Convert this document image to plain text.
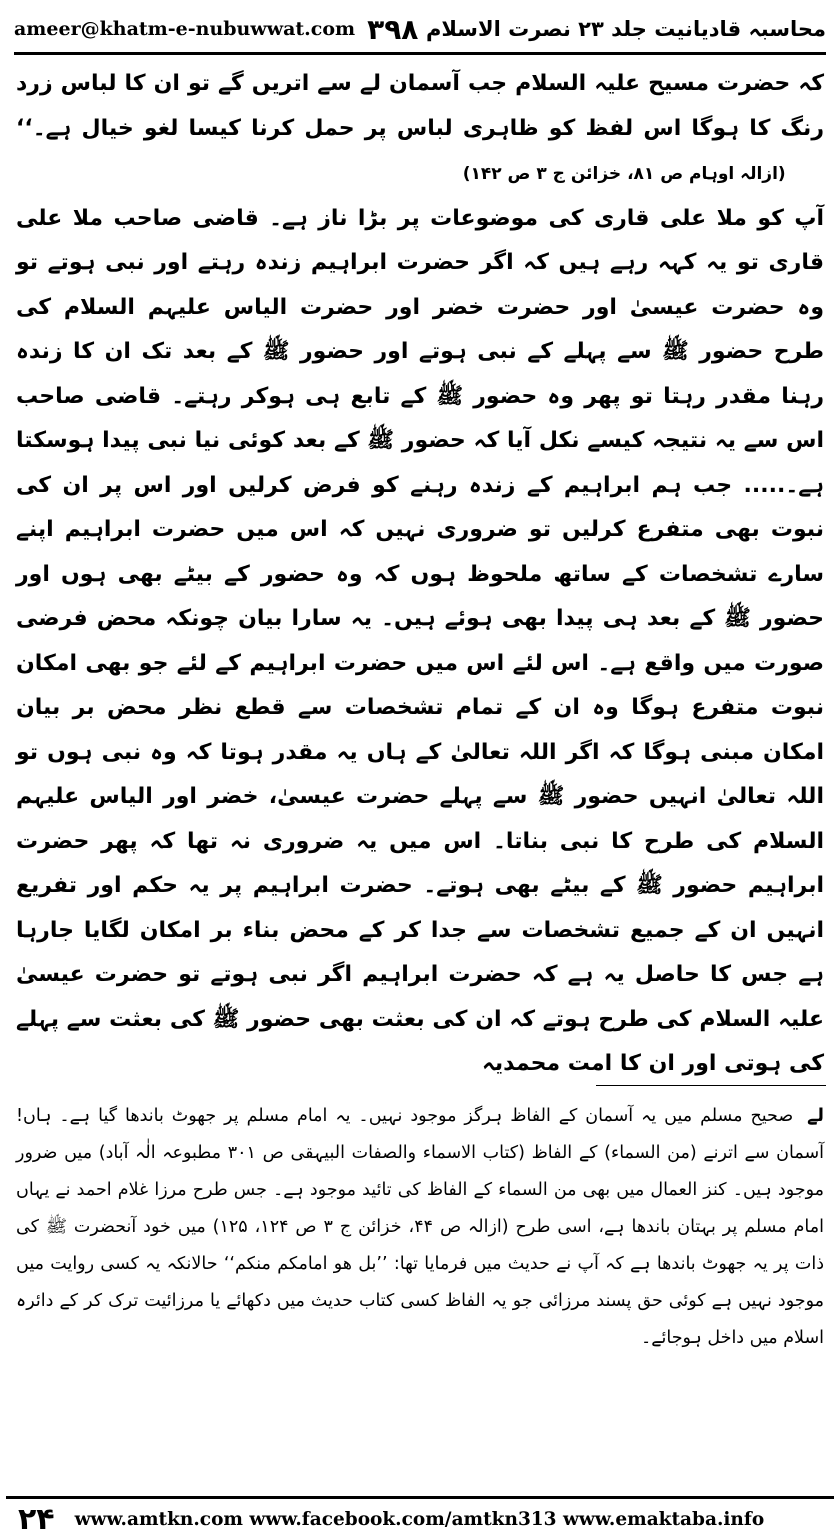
ameer@khatm-e-nubuwwat.com ۳۹۸ محاسبہ قادیانیت جلد ۲۳ نصرت الاسلام

کہ حضرت مسیح علیہ السلام جب آسمان لے سے اتریں گے تو ان کا لباس زرد رنگ کا ہوگا اس لفظ کو ظاہری لباس پر حمل کرنا کیسا لغو خیال ہے۔‘‘      (ازالہ اوہام ص ۸۱، خزائن ج ۳ ص ۱۴۲)

آپ کو ملا علی قاری کی موضوعات پر بڑا ناز ہے۔ قاضی صاحب ملا علی قاری تو یہ کہہ رہے ہیں کہ اگر حضرت ابراہیم زندہ رہتے اور نبی ہوتے تو وہ حضرت عیسیٰ اور حضرت خضر اور حضرت الیاس علیہم السلام کی طرح حضور ﷺ سے پہلے کے نبی ہوتے اور حضور ﷺ کے بعد تک ان کا زندہ رہنا مقدر رہتا تو پھر وہ حضور ﷺ کے تابع ہی ہوکر رہتے۔ قاضی صاحب اس سے یہ نتیجہ کیسے نکل آیا کہ حضور ﷺ کے بعد کوئی نیا نبی پیدا ہوسکتا ہے۔..... جب ہم ابراہیم کے زندہ رہنے کو فرض کرلیں اور اس پر ان کی نبوت بھی متفرع کرلیں تو ضروری نہیں کہ اس میں حضرت ابراہیم اپنے سارے تشخصات کے ساتھ ملحوظ ہوں کہ وہ حضور کے بیٹے بھی ہوں اور حضور ﷺ کے بعد ہی پیدا بھی ہوئے ہیں۔ یہ سارا بیان چونکہ محض فرضی صورت میں واقع ہے۔ اس لئے اس میں حضرت ابراہیم کے لئے جو بھی امکان نبوت متفرع ہوگا وہ ان کے تمام تشخصات سے قطع نظر محض بر بیان امکان مبنی ہوگا کہ اگر اللہ تعالیٰ کے ہاں یہ مقدر ہوتا کہ وہ نبی ہوں تو اللہ تعالیٰ انہیں حضور ﷺ سے پہلے حضرت عیسیٰ، خضر اور الیاس علیہم السلام کی طرح کا نبی بناتا۔ اس میں یہ ضروری نہ تھا کہ پھر حضرت ابراہیم حضور ﷺ کے بیٹے بھی ہوتے۔ حضرت ابراہیم پر یہ حکم اور تفریع انہیں ان کے جمیع تشخصات سے جدا کر کے محض بناء بر امکان لگایا جارہا ہے جس کا حاصل یہ ہے کہ حضرت ابراہیم اگر نبی ہوتے تو حضرت عیسیٰ علیہ السلام کی طرح ہوتے کہ ان کی بعثت بھی حضور ﷺ کی بعثت سے پہلے کی ہوتی اور ان کا امت محمدیہ

لے صحیح مسلم میں یہ آسمان کے الفاظ ہرگز موجود نہیں۔ یہ امام مسلم پر جھوٹ باندھا گیا ہے۔ ہاں! آسمان سے اترنے (من السماء) کے الفاظ (کتاب الاسماء والصفات البیہقی ص ۳۰۱ مطبوعہ الٰہ آباد) میں ضرور موجود ہیں۔ کنز العمال میں بھی من السماء کے الفاظ کی تائید موجود ہے۔ جس طرح مرزا غلام احمد نے یہاں امام مسلم پر بہتان باندھا ہے، اسی طرح (ازالہ ص ۴۴، خزائن ج ۳ ص ۱۲۴، ۱۲۵) میں خود آنحضرت ﷺ کی ذات پر یہ جھوٹ باندھا ہے کہ آپ نے حدیث میں فرمایا تھا: ’’بل ھو امامکم منکم‘‘ حالانکہ یہ کسی روایت میں موجود نہیں ہے کوئی حق پسند مرزائی جو یہ الفاظ کسی کتاب حدیث میں دکھائے یا مرزائیت ترک کر کے دائرہ اسلام میں داخل ہوجائے۔

۲۴	www.amtkn.com www.facebook.com/amtkn313 www.emaktaba.info
